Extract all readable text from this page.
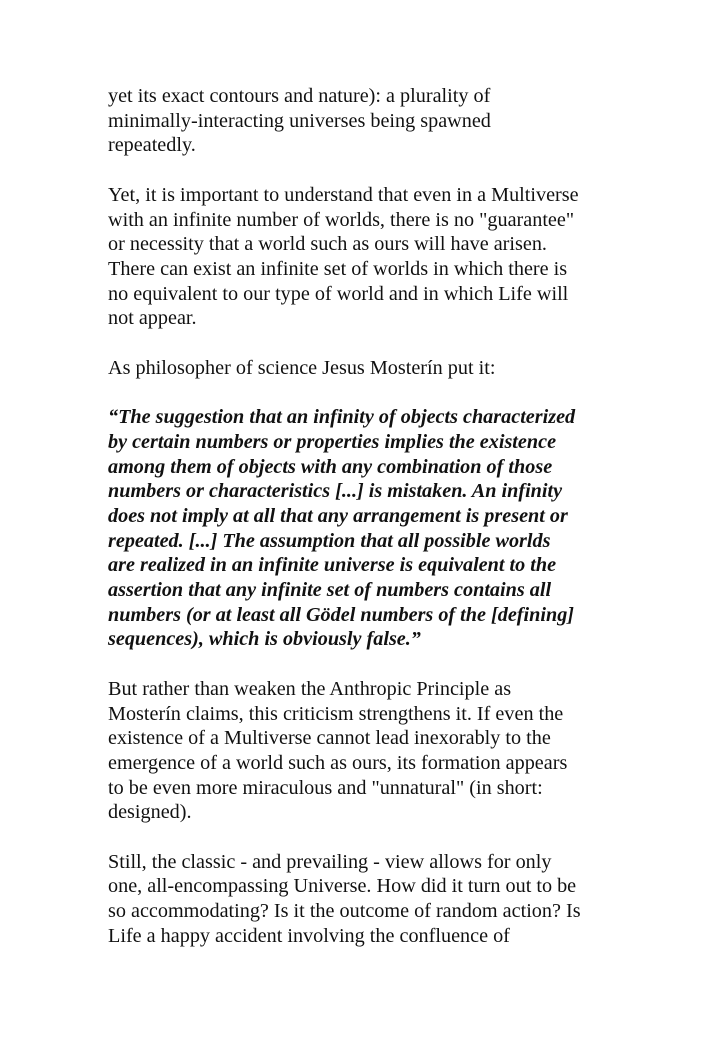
yet its exact contours and nature): a plurality of
minimally-interacting universes being spawned
repeatedly.

Yet, it is important to understand that even in a Multiverse
with an infinite number of worlds, there is no "guarantee"
or necessity that a world such as ours will have arisen.
There can exist an infinite set of worlds in which there is
no equivalent to our type of world and in which Life will
not appear.

As philosopher of science Jesus Mosterín put it:

“The suggestion that an infinity of objects characterized
by certain numbers or properties implies the existence
among them of objects with any combination of those
numbers or characteristics [...] is mistaken. An infinity
does not imply at all that any arrangement is present or
repeated. [...] The assumption that all possible worlds
are realized in an infinite universe is equivalent to the
assertion that any infinite set of numbers contains all
numbers (or at least all Gödel numbers of the [defining]
sequences), which is obviously false.”

But rather than weaken the Anthropic Principle as
Mosterín claims, this criticism strengthens it. If even the
existence of a Multiverse cannot lead inexorably to the
emergence of a world such as ours, its formation appears
to be even more miraculous and "unnatural" (in short:
designed).

Still, the classic - and prevailing - view allows for only
one, all-encompassing Universe. How did it turn out to be
so accommodating? Is it the outcome of random action? Is
Life a happy accident involving the confluence of
